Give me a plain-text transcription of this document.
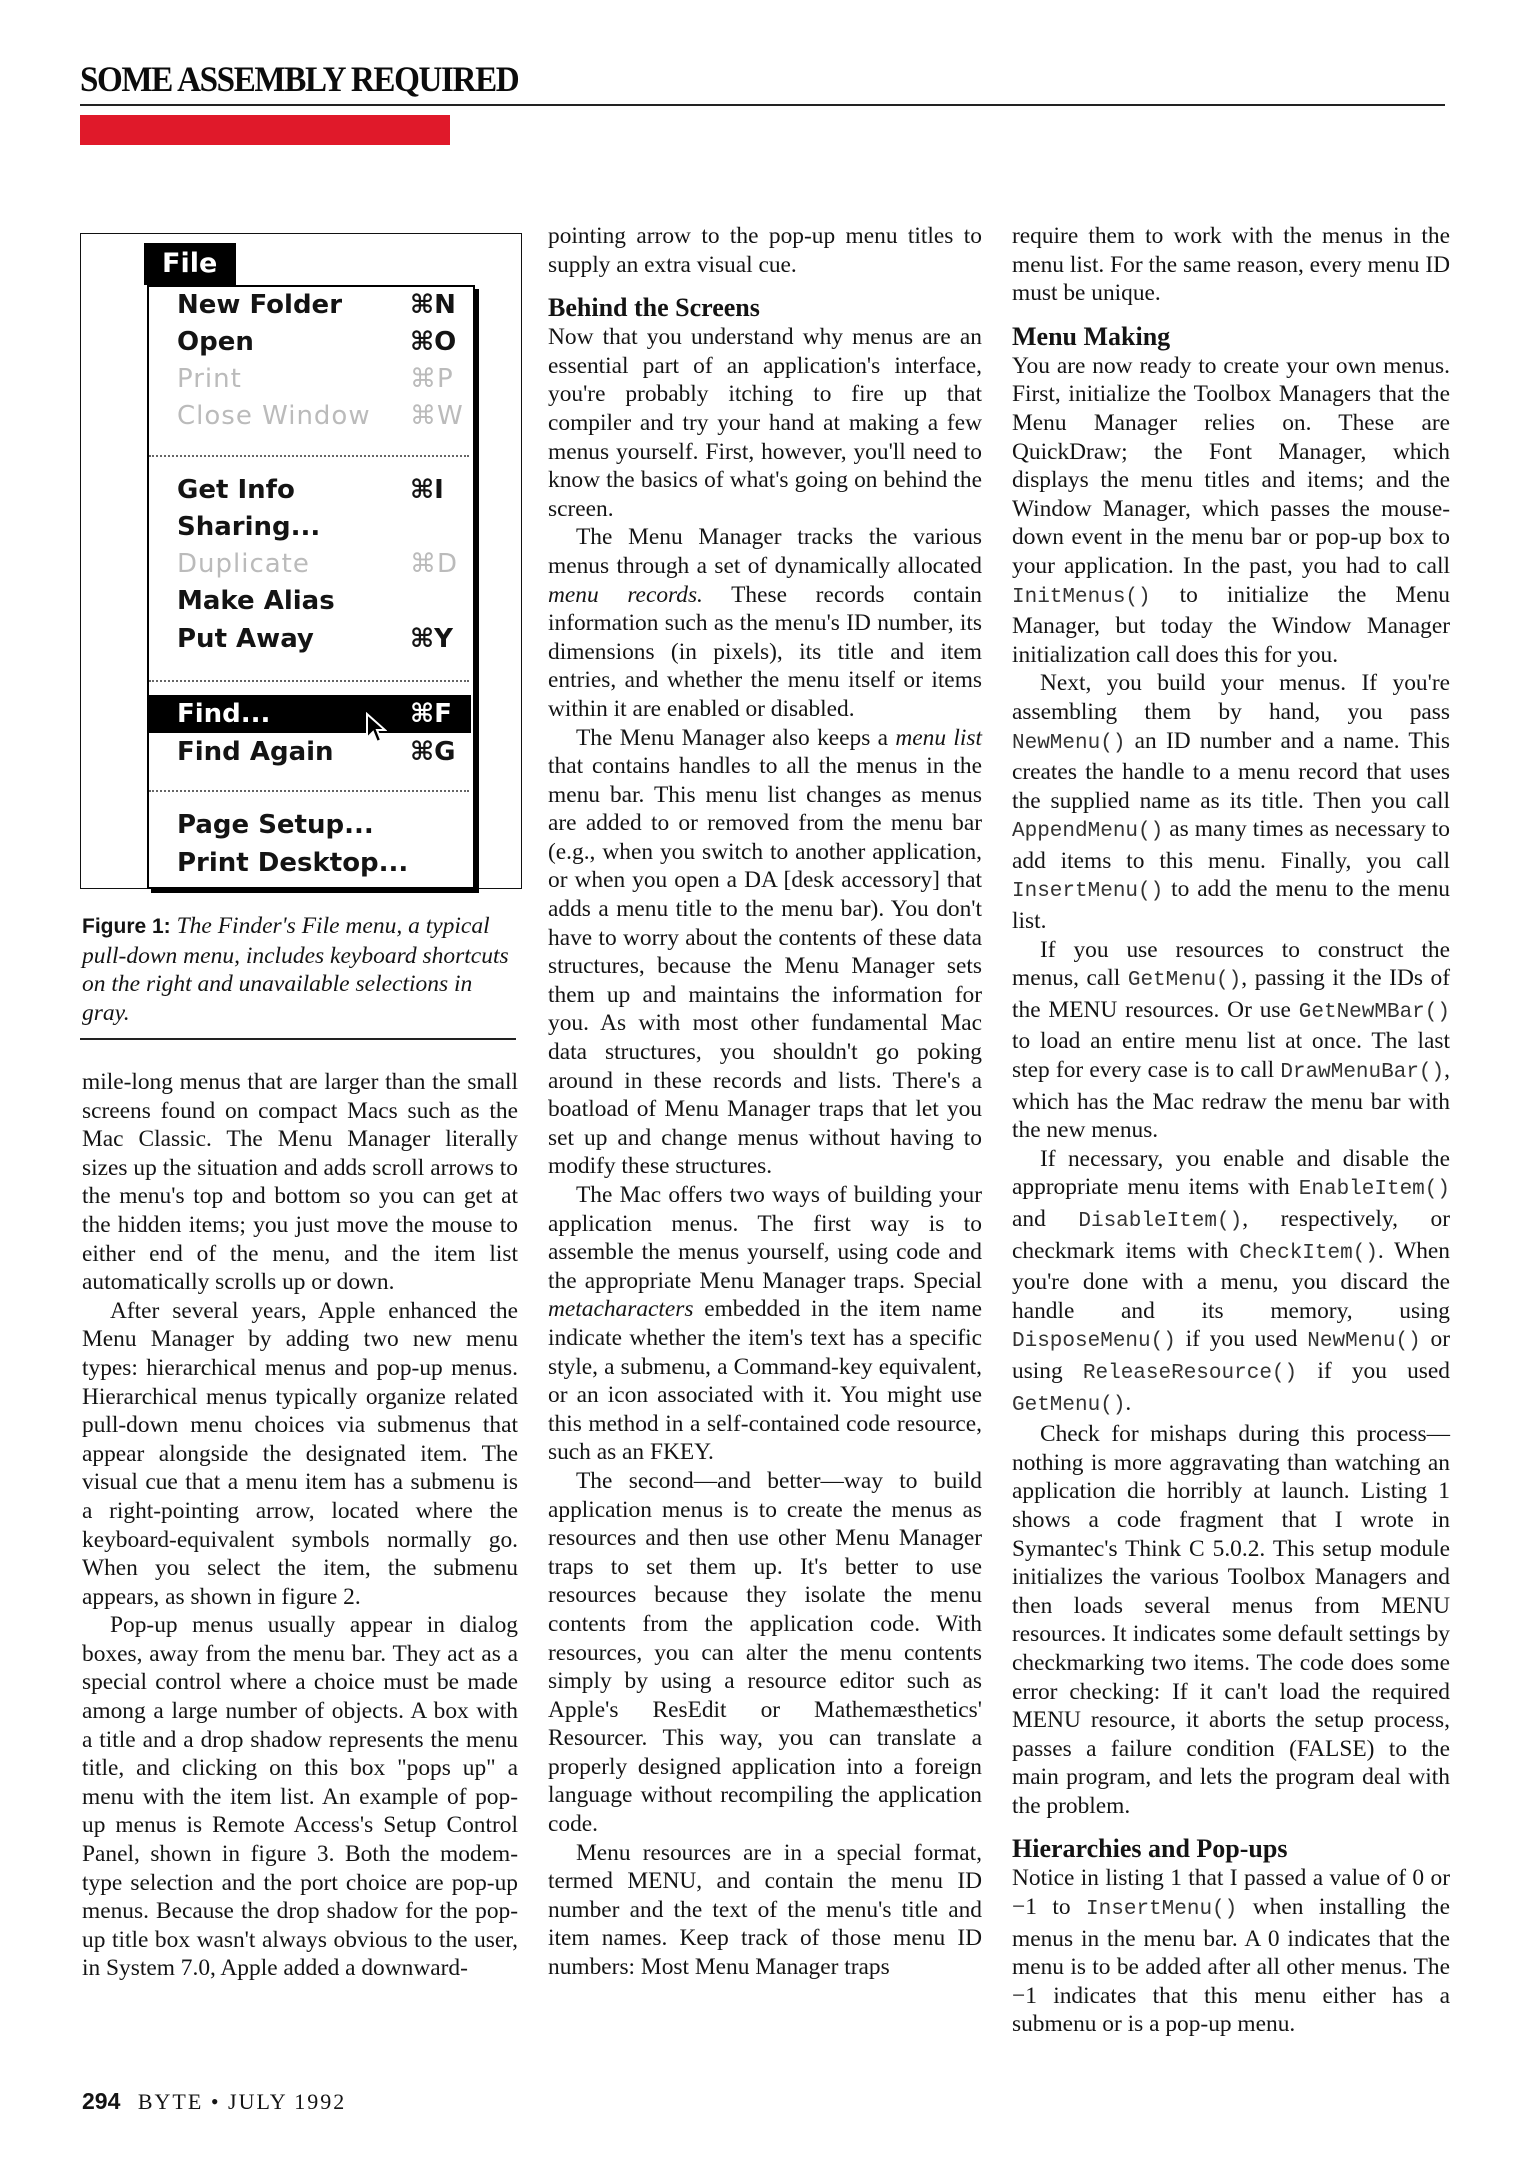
SOME ASSEMBLY REQUIRED
File
New Folder	⌘N
Open	⌘O
Print	⌘P
Close Window ⌘W
Get Info	⌘I
Sharing...
Duplicate	⌘D
Make Alias
Put Away	⌘Y
Find...	⌘F
Find Again	⌘G
Page Setup...
Print Desktop...
Figure 1: The Finder's File menu, a typical pull-down menu, includes keyboard shortcuts on the right and unavailable selections in gray.

mile-long menus that are larger than the small screens found on compact Macs such as the Mac Classic. The Menu Manager literally sizes up the situation and adds scroll arrows to the menu's top and bottom so you can get at the hidden items; you just move the mouse to either end of the menu, and the item list automatically scrolls up or down.

After several years, Apple enhanced the Menu Manager by adding two new menu types: hierarchical menus and pop-up menus. Hierarchical menus typically organize related pull-down menu choices via submenus that appear alongside the designated item. The visual cue that a menu item has a submenu is a right-pointing arrow, located where the keyboard-equivalent symbols normally go. When you select the item, the submenu appears, as shown in figure 2.

Pop-up menus usually appear in dialog boxes, away from the menu bar. They act as a special control where a choice must be made among a large number of objects. A box with a title and a drop shadow represents the menu title, and clicking on this box "pops up" a menu with the item list. An example of pop-up menus is Remote Access's Setup Control Panel, shown in figure 3. Both the modem-type selection and the port choice are pop-up menus. Because the drop shadow for the pop-up title box wasn't always obvious to the user, in System 7.0, Apple added a downward-

pointing arrow to the pop-up menu titles to supply an extra visual cue.

Behind the Screens

Now that you understand why menus are an essential part of an application's interface, you're probably itching to fire up that compiler and try your hand at making a few menus yourself. First, however, you'll need to know the basics of what's going on behind the screen.

The Menu Manager tracks the various menus through a set of dynamically allocated menu records. These records contain information such as the menu's ID number, its dimensions (in pixels), its title and item entries, and whether the menu itself or items within it are enabled or disabled.

The Menu Manager also keeps a menu list that contains handles to all the menus in the menu bar. This menu list changes as menus are added to or removed from the menu bar (e.g., when you switch to another application, or when you open a DA [desk accessory] that adds a menu title to the menu bar). You don't have to worry about the contents of these data structures, because the Menu Manager sets them up and maintains the information for you. As with most other fundamental Mac data structures, you shouldn't go poking around in these records and lists. There's a boatload of Menu Manager traps that let you set up and change menus without having to modify these structures.

The Mac offers two ways of building your application menus. The first way is to assemble the menus yourself, using code and the appropriate Menu Manager traps. Special metacharacters embedded in the item name indicate whether the item's text has a specific style, a submenu, a Command-key equivalent, or an icon associated with it. You might use this method in a self-contained code resource, such as an FKEY.

The second—and better—way to build application menus is to create the menus as resources and then use other Menu Manager traps to set them up. It's better to use resources because they isolate the menu contents from the application code. With resources, you can alter the menu contents simply by using a resource editor such as Apple's ResEdit or Mathemæsthetics' Resourcer. This way, you can translate a properly designed application into a foreign language without recompiling the application code.

Menu resources are in a special format, termed MENU, and contain the menu ID number and the text of the menu's title and item names. Keep track of those menu ID numbers: Most Menu Manager traps

require them to work with the menus in the menu list. For the same reason, every menu ID must be unique.

Menu Making

You are now ready to create your own menus. First, initialize the Toolbox Managers that the Menu Manager relies on. These are QuickDraw; the Font Manager, which displays the menu titles and items; and the Window Manager, which passes the mouse-down event in the menu bar or pop-up box to your application. In the past, you had to call InitMenus() to initialize the Menu Manager, but today the Window Manager initialization call does this for you.

Next, you build your menus. If you're assembling them by hand, you pass NewMenu() an ID number and a name. This creates the handle to a menu record that uses the supplied name as its title. Then you call AppendMenu() as many times as necessary to add items to this menu. Finally, you call InsertMenu() to add the menu to the menu list.

If you use resources to construct the menus, call GetMenu(), passing it the IDs of the MENU resources. Or use GetNewMBar() to load an entire menu list at once. The last step for every case is to call DrawMenuBar(), which has the Mac redraw the menu bar with the new menus.

If necessary, you enable and disable the appropriate menu items with EnableItem() and DisableItem(), respectively, or checkmark items with CheckItem(). When you're done with a menu, you discard the handle and its memory, using DisposeMenu() if you used NewMenu() or using ReleaseResource() if you used GetMenu().

Check for mishaps during this process—nothing is more aggravating than watching an application die horribly at launch. Listing 1 shows a code fragment that I wrote in Symantec's Think C 5.0.2. This setup module initializes the various Toolbox Managers and then loads several menus from MENU resources. It indicates some default settings by checkmarking two items. The code does some error checking: If it can't load the required MENU resource, it aborts the setup process, passes a failure condition (FALSE) to the main program, and lets the program deal with the problem.

Hierarchies and Pop-ups

Notice in listing 1 that I passed a value of 0 or −1 to InsertMenu() when installing the menus in the menu bar. A 0 indicates that the menu is to be added after all other menus. The −1 indicates that this menu either has a submenu or is a pop-up menu.

294 BYTE • JULY 1992
